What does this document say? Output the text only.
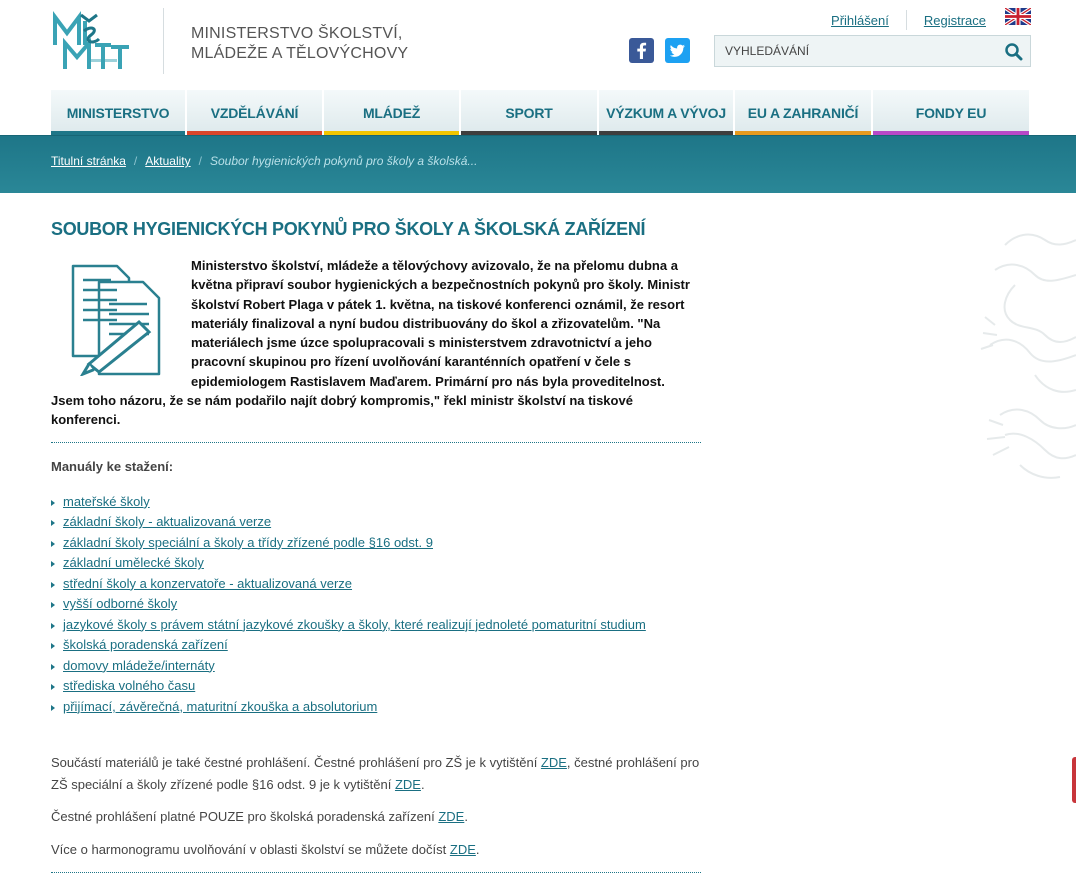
MINISTERSTVO ŠKOLSTVÍ,
MLÁDEŽE A TĚLOVÝCHOVY
Přihlášení	Registrace
VYHLEDÁVÁNÍ
MINISTERSTVO	VZDĚLÁVÁNÍ	MLÁDEŽ	SPORT	VÝZKUM A VÝVOJ EU A ZAHRANIČÍ	FONDY EU
Titulní stránka / Aktuality / Soubor hygienických pokynů pro školy a školská...
SOUBOR HYGIENICKÝCH POKYNŮ PRO ŠKOLY A ŠKOLSKÁ ZAŘÍZENÍ
Ministerstvo školství, mládeže a tělovýchovy avizovalo, že na přelomu dubna a května připraví soubor hygienických a bezpečnostních pokynů pro školy. Ministr školství Robert Plaga v pátek 1. května, na tiskové konferenci oznámil, že resort materiály finalizoval a nyní budou distribuovány do škol a zřizovatelům. "Na materiálech jsme úzce spolupracovali s ministerstvem zdravotnictví a jeho pracovní skupinou pro řízení uvolňování karanténních opatření v čele s epidemiologem Rastislavem Maďarem. Primární pro nás byla proveditelnost. Jsem toho názoru, že se nám podařilo najít dobrý kompromis," řekl ministr školství na tiskové konferenci.
Manuály ke stažení:
mateřské školy
základní školy - aktualizovaná verze
základní školy speciální a školy a třídy zřízené podle §16 odst. 9
základní umělecké školy
střední školy a konzervatoře - aktualizovaná verze
vyšší odborné školy
jazykové školy s právem státní jazykové zkoušky a školy, které realizují jednoleté pomaturitní studium
školská poradenská zařízení
domovy mládeže/internáty
střediska volného času
přijímací, závěrečná, maturitní zkouška a absolutorium

Součástí materiálů je také čestné prohlášení. Čestné prohlášení pro ZŠ je k vytištění ZDE, čestné prohlášení pro ZŠ speciální a školy zřízené podle §16 odst. 9 je k vytištění ZDE.

Čestné prohlášení platné POUZE pro školská poradenská zařízení ZDE.

Více o harmonogramu uvolňování v oblasti školství se můžete dočíst ZDE.
